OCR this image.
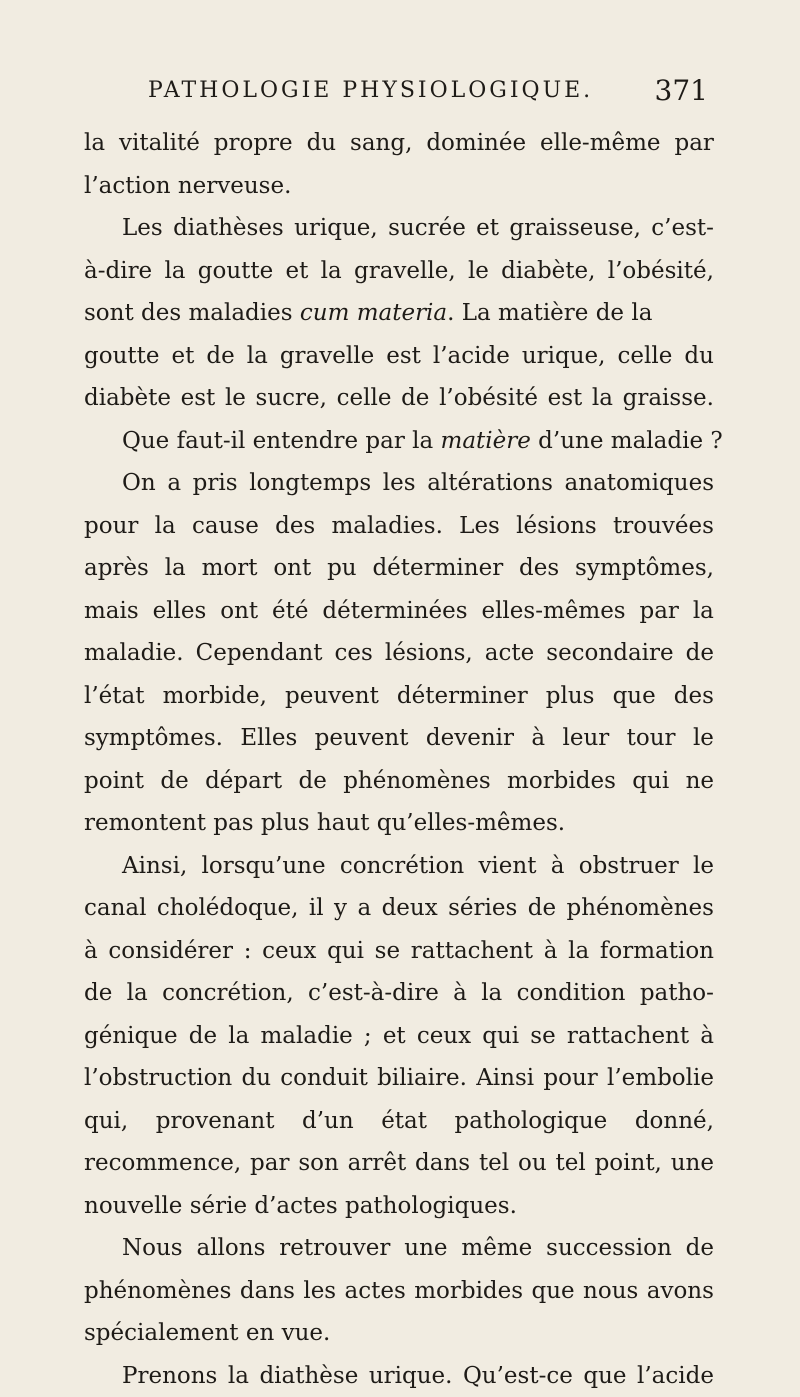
PATHOLOGIE PHYSIOLOGIQUE. 371
la vitalité propre du sang, dominée elle-même par
l’action nerveuse.
Les diathèses urique, sucrée et graisseuse, c’est-
à-dire la goutte et la gravelle, le diabète, l’obésité,
sont des maladies cum materia. La matière de la
goutte et de la gravelle est l’acide urique, celle du
diabète est le sucre, celle de l’obésité est la graisse.
Que faut-il entendre par la matière d’une maladie ?
On a pris longtemps les altérations anatomiques
pour la cause des maladies. Les lésions trouvées
après la mort ont pu déterminer des symptômes,
mais elles ont été déterminées elles-mêmes par la
maladie. Cependant ces lésions, acte secondaire de
l’état morbide, peuvent déterminer plus que des
symptômes. Elles peuvent devenir à leur tour le
point de départ de phénomènes morbides qui ne
remontent pas plus haut qu’elles-mêmes.
Ainsi, lorsqu’une concrétion vient à obstruer le
canal cholédoque, il y a deux séries de phénomènes
à considérer : ceux qui se rattachent à la formation
de la concrétion, c’est-à-dire à la condition patho-
génique de la maladie ; et ceux qui se rattachent à
l’obstruction du conduit biliaire. Ainsi pour l’embolie
qui, provenant d’un état pathologique donné,
recommence, par son arrêt dans tel ou tel point, une
nouvelle série d’actes pathologiques.
Nous allons retrouver une même succession de
phénomènes dans les actes morbides que nous avons
spécialement en vue.
Prenons la diathèse urique. Qu’est-ce que l’acide
